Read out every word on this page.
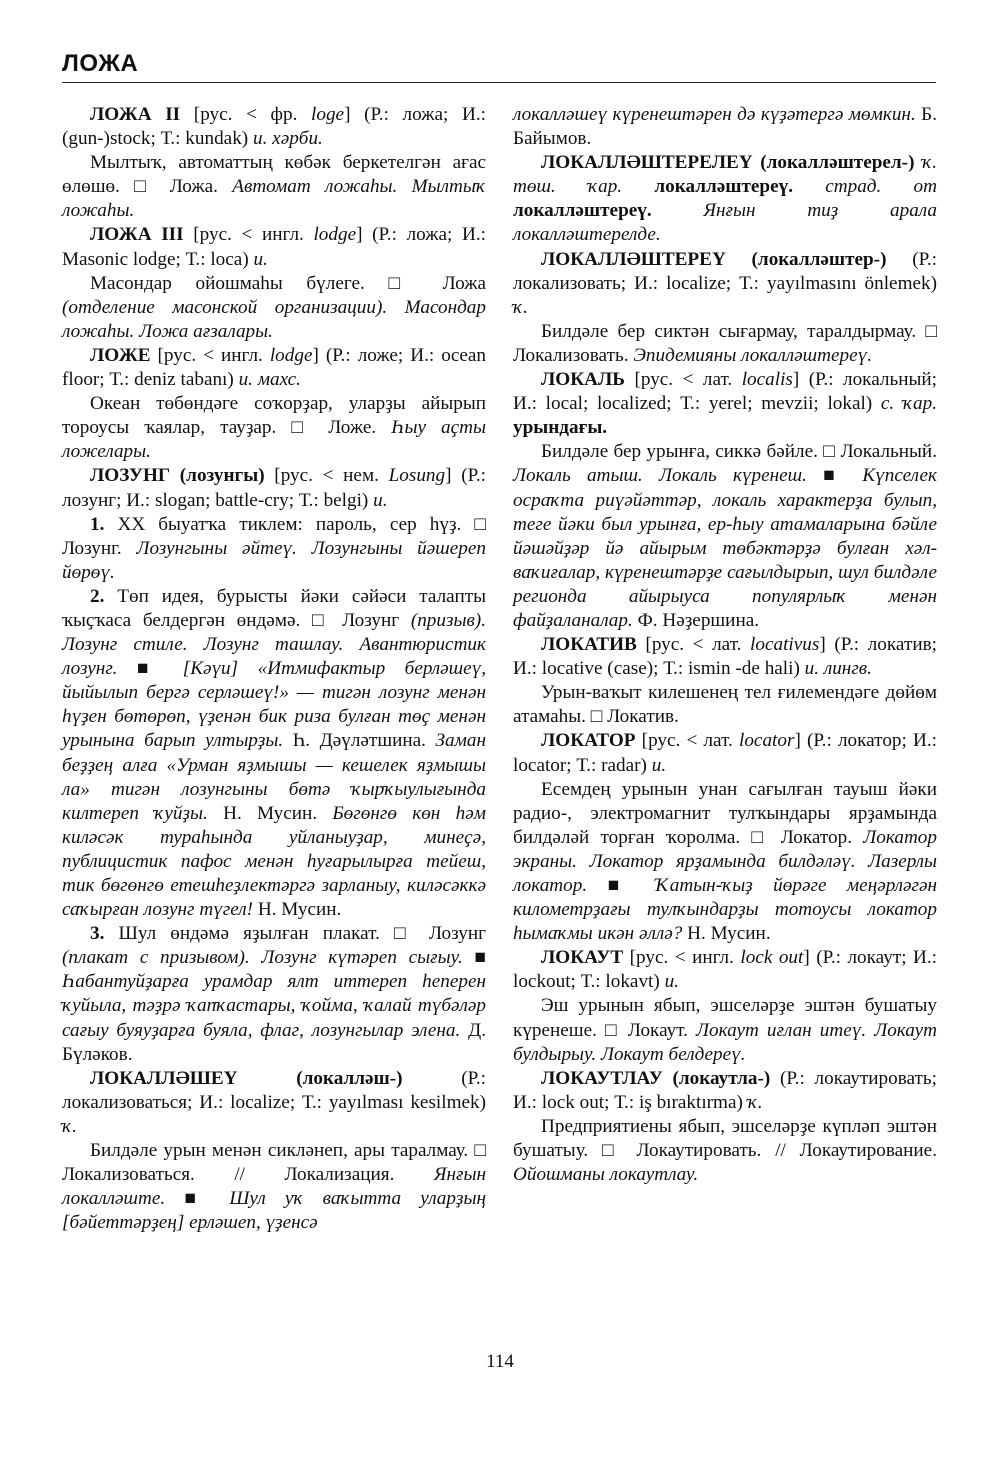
ЛОЖА

ЛОЖА II [рус. < фр. loge] (Р.: ложа; И.: (gun-)stock; Т.: kundak) и. хәрби.

Мылтыҡ, автоматтың көбәк беркетелгән ағас өлөшө. □ Ложа. Автомат ложаһы. Мылтыҡ ложаһы.

ЛОЖА III [рус. < ингл. lodge] (Р.: ложа; И.: Masonic lodge; Т.: loca) и.

Масондар ойошмаһы бүлеге. □ Ложа (отделение масонской организации). Масондар ложаһы. Ложа ағзалары.

ЛОЖЕ [рус. < ингл. lodge] (Р.: ложе; И.: ocean floor; Т.: deniz tabanı) и. махс.

Океан төбөндәге соҡорҙар, уларҙы айырып тороусы ҡаялар, тауҙар. □ Ложе. Һыу аҫты ложелары.

ЛОЗУНГ (лозунгы) [рус. < нем. Losung] (Р.: лозунг; И.: slogan; battle-cry; Т.: belgi) и.

1. XX быуатҡа тиклем: пароль, сер һүҙ. □ Лозунг. Лозунгыны әйтеү. Лозунгыны йәшереп йөрөү.

2. Төп идея, бурысты йәки сәйәси талапты ҡыҫҡаса белдергән өндәмә. □ Лозунг (призыв). Лозунг стиле. Лозунг ташлау. Авантюристик лозунг. ■ [Кәүи] «Итмифактыр берләшеү, йыйылып бергә серләшеү!» — тигән лозунг менән һүҙен бөтөрөп, үҙенән бик риза булған төҫ менән урынына барып ултырҙы. Һ. Дәүләтшина. Заман беҙҙең алға «Урман яҙмышы — кешелек яҙмышы ла» тигән лозунгыны бөтә ҡырҡыулығында килтереп ҡуйҙы. Н. Мусин. Бөгөнгө көн һәм киләсәк тураһында уйланыуҙар, минеҫә, публицистик пафос менән һуғарылырға тейеш, тик бөгөнгө етешһеҙлектәргә зарланыу, киләсәккә саҡырған лозунг түгел! Н. Мусин.

3. Шул өндәмә яҙылған плакат. □ Лозунг (плакат с призывом). Лозунг күтәреп сығыу. ■ Һабантуйҙарға урамдар ялт иттереп һеперен ҡуйыла, тәҙрә ҡапҡастары, ҡойма, ҡалай түбәләр сағыу буяуҙарға буяла, флаг, лозунгылар элена. Д. Бүләков.

ЛОКАЛЛӘШЕҮ (локалләш-) (Р.: локализоваться; И.: localize; Т.: yayılması kesilmek) ҡ.

Билдәле урын менән сикләнеп, ары таралмау. □ Локализоваться. // Локализация. Янғын локалләште. ■ Шул уҡ ваҡытта уларҙың [бәйеттәрҙең] ерләшеп, үҙенсә

локалләшеү күренештәрен дә күҙәтергә мөмкин. Б. Байымов.

ЛОКАЛЛӘШТЕРЕЛЕҮ (локалләштерел-) ҡ. төш. ҡар. локалләштереү. страд. от локалләштереү.	Янғын тиҙ арала локалләштерелде.

ЛОКАЛЛӘШТЕРЕҮ (локалләштер-) (Р.: локализовать; И.: localize; Т.: yayılmasını önlemek) ҡ.

Билдәле бер сиктән сығармау, таралдырмау. □ Локализовать. Эпидемияны локалләштереү.

ЛОКАЛЬ [рус. < лат. localis] (Р.: локальный; И.: local; localized; Т.: yerel; mevzii; lokal) с. ҡар. урындағы.

Билдәле бер урынға, сиккә бәйле. □ Локальный. Локаль атыш. Локаль күренеш. ■ Күпселек осраҡта риүәйәттәр, локаль характерҙа булып, теге йәки был урынға, ер-һыу атамаларына бәйле йәшәйҙәр йә айырым төбәктәрҙә булған хәл-ваҡиғалар, күренештәрҙе сағылдырып, шул билдәле регионда айырыуса популярлыҡ менән файҙаланалар. Ф. Нәҙершина.

ЛОКАТИВ [рус. < лат. locativus] (Р.: локатив; И.: locative (case); Т.: ismin -de hali) и. лингв.

Урын-ваҡыт килешенең тел ғилемендәге дөйөм атамаһы. □ Локатив.

ЛОКАТОР [рус. < лат. locator] (Р.: локатор; И.: locator; Т.: radar) и.

Есемдең урынын унан сағылған тауыш йәки радио-, электромагнит тулҡындары ярҙамында билдәләй торған ҡоролма. □ Локатор. Локатор экраны. Локатор ярҙамында билдәләү. Лазерлы локатор. ■ Ҡатын-ҡыҙ йөрәге меңәрләгән километрҙағы тулҡындарҙы тотоусы локатор һымаҡмы икән әллә? Н. Мусин.

ЛОКАУТ [рус. < ингл. lock out] (Р.: локаут; И.: lockout; Т.: lokavt) и.

Эш урынын ябып, эшселәрҙе эштән бушатыу күренеше. □ Локаут. Локаут иғлан итеү. Локаут булдырыу. Локаут белдереү.

ЛОКАУТЛАУ (локаутла-) (Р.: локаутировать; И.: lock out; Т.: iş bıraktırma) ҡ.

Предприятиены ябып, эшселәрҙе күпләп эштән бушатыу. □ Локаутировать. // Локаутирование. Ойошманы локаутлау.

114
